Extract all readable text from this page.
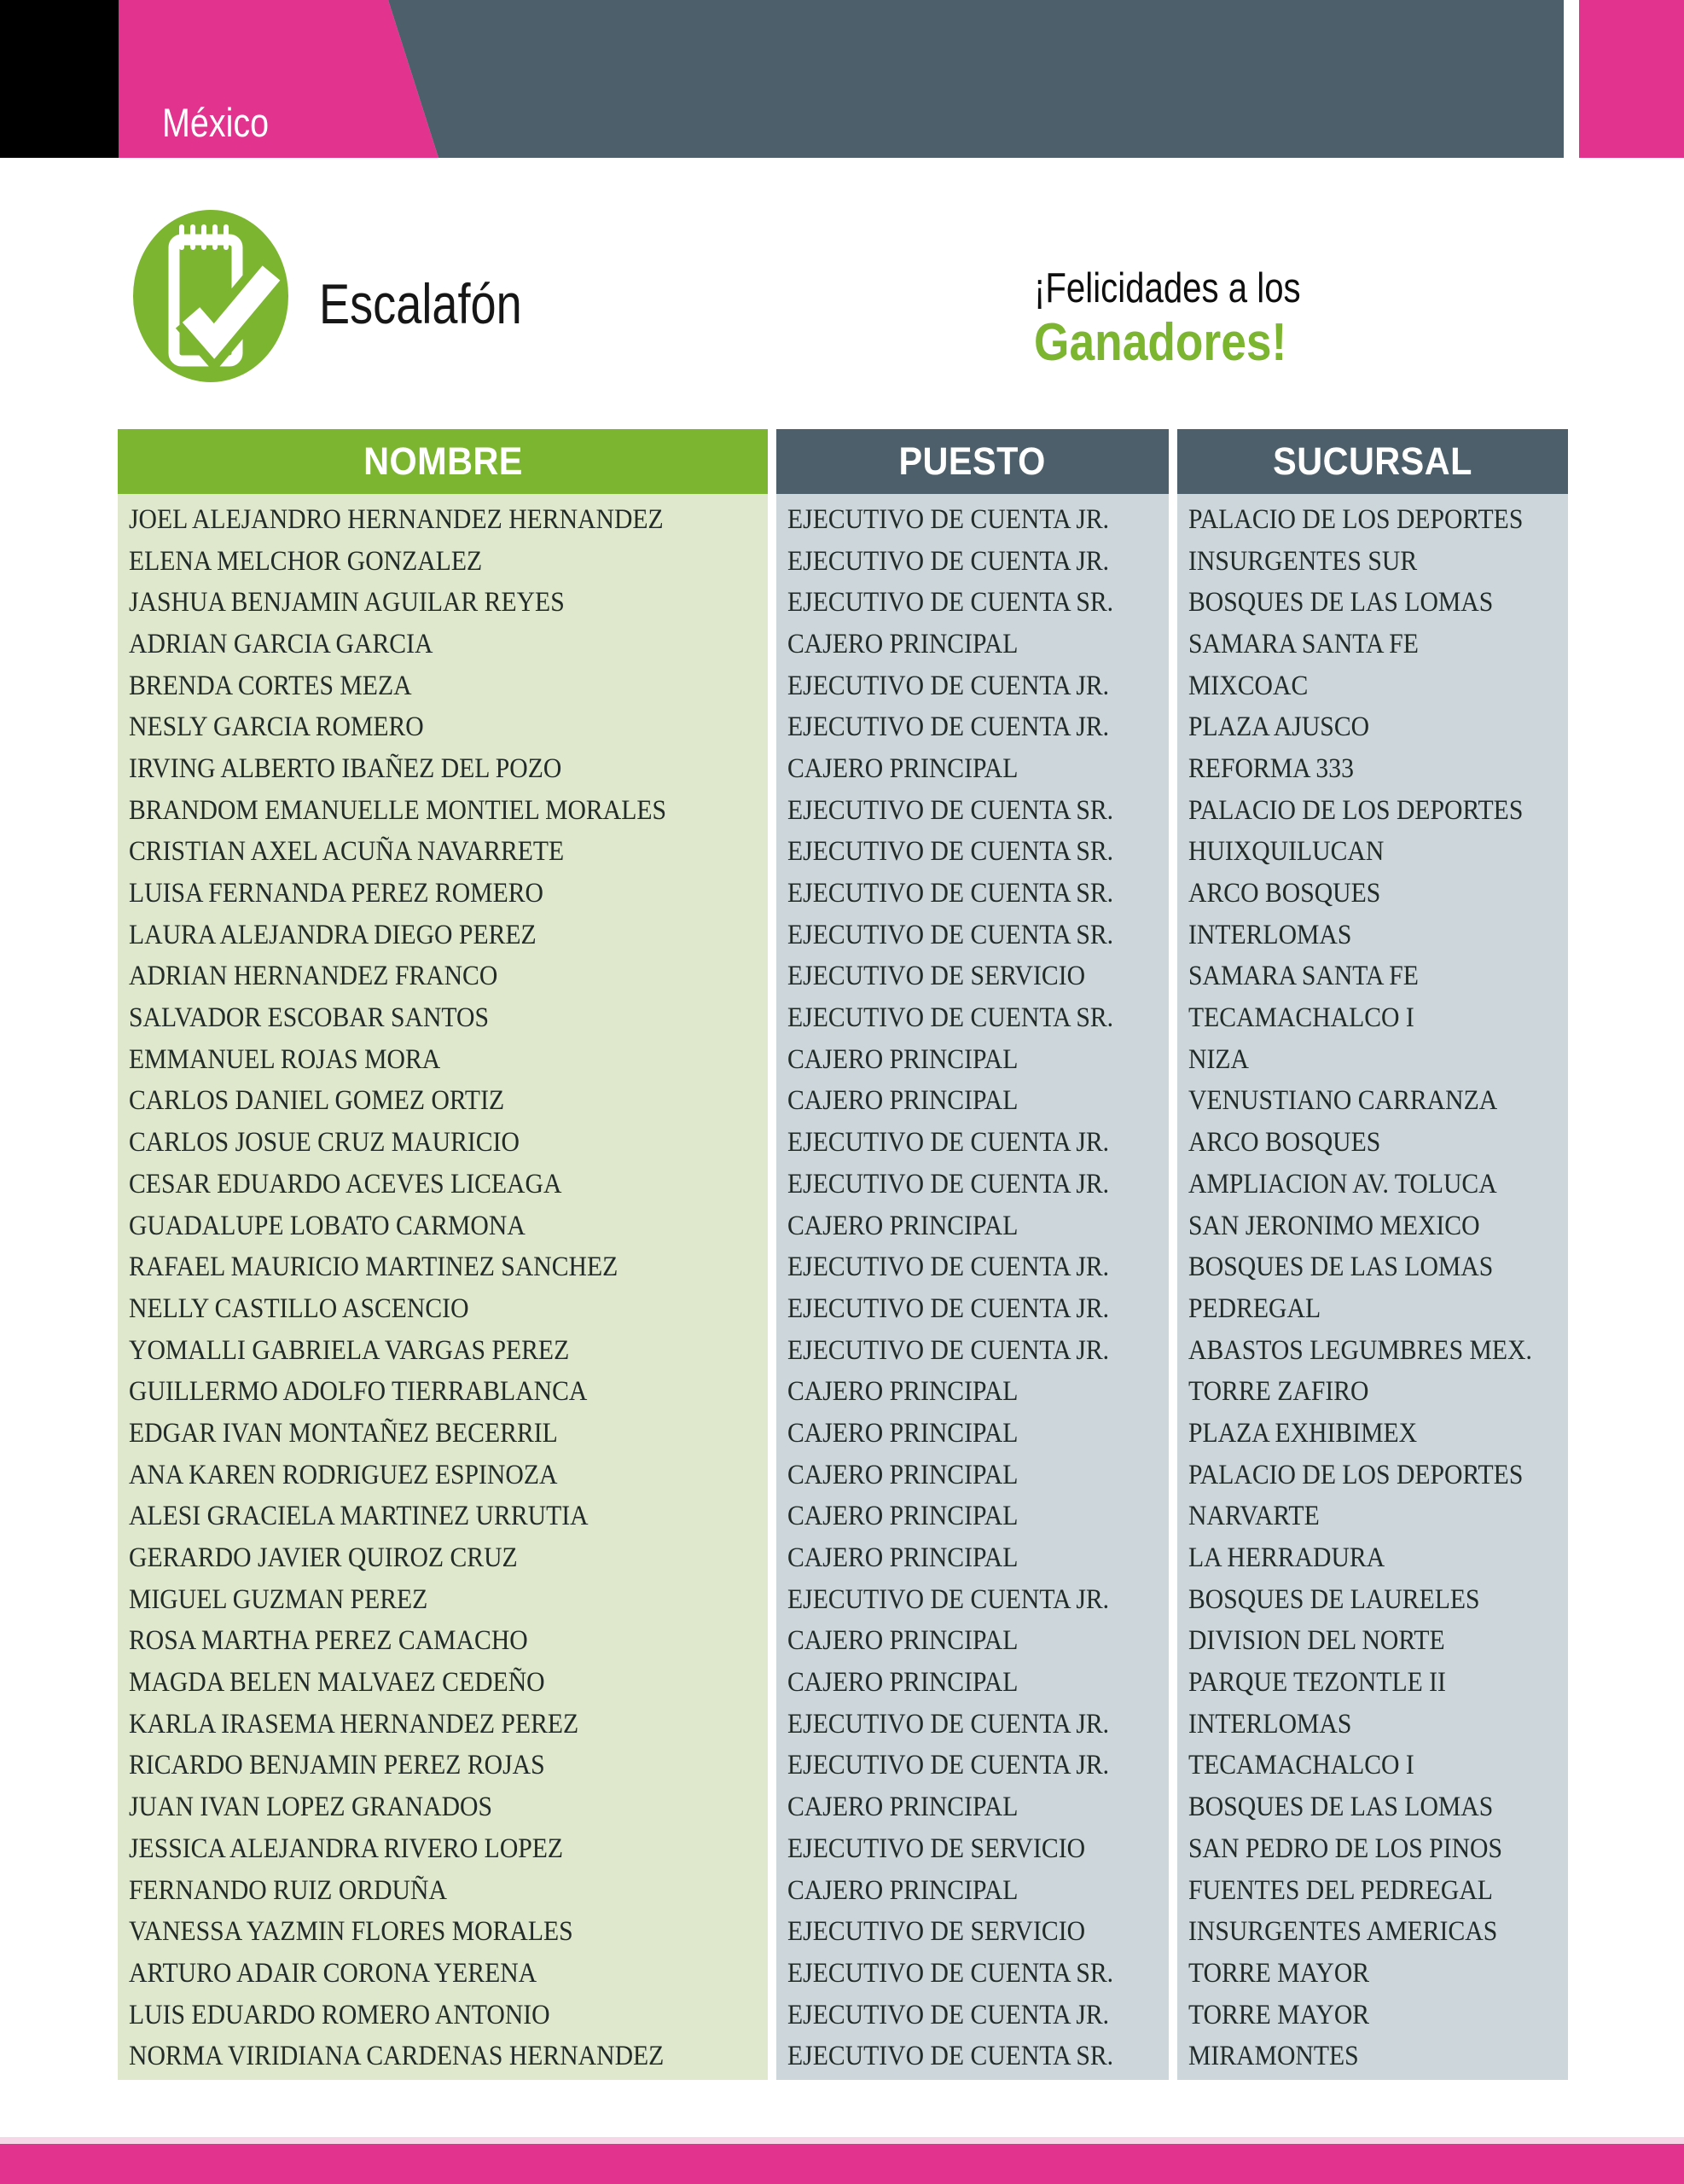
México
Escalafón	¡Felicidades a los
Ganadores!
NOMBRE
JOEL ALEJANDRO HERNANDEZ HERNANDEZ
ELENA MELCHOR GONZALEZ
JASHUA BENJAMIN AGUILAR REYES
ADRIAN GARCIA GARCIA
BRENDA CORTES MEZA
NESLY GARCIA ROMERO
IRVING ALBERTO IBAÑEZ DEL POZO
BRANDOM EMANUELLE MONTIEL MORALES
CRISTIAN AXEL ACUÑA NAVARRETE
LUISA FERNANDA PEREZ ROMERO
LAURA ALEJANDRA DIEGO PEREZ
ADRIAN HERNANDEZ FRANCO
SALVADOR ESCOBAR SANTOS
EMMANUEL ROJAS MORA
CARLOS DANIEL GOMEZ ORTIZ
CARLOS JOSUE CRUZ MAURICIO
CESAR EDUARDO ACEVES LICEAGA
GUADALUPE LOBATO CARMONA
RAFAEL MAURICIO MARTINEZ SANCHEZ
NELLY CASTILLO ASCENCIO
YOMALLI GABRIELA VARGAS PEREZ
GUILLERMO ADOLFO TIERRABLANCA
EDGAR IVAN MONTAÑEZ BECERRIL
ANA KAREN RODRIGUEZ ESPINOZA
ALESI GRACIELA MARTINEZ URRUTIA
GERARDO JAVIER QUIROZ CRUZ
MIGUEL GUZMAN PEREZ
ROSA MARTHA PEREZ CAMACHO
MAGDA BELEN MALVAEZ CEDEÑO
KARLA IRASEMA HERNANDEZ PEREZ
RICARDO BENJAMIN PEREZ ROJAS
JUAN IVAN LOPEZ GRANADOS
JESSICA ALEJANDRA RIVERO LOPEZ
FERNANDO RUIZ ORDUÑA
VANESSA YAZMIN FLORES MORALES
ARTURO ADAIR CORONA YERENA
LUIS EDUARDO ROMERO ANTONIO
NORMA VIRIDIANA CARDENAS HERNANDEZ
PUESTO
EJECUTIVO DE CUENTA JR.
EJECUTIVO DE CUENTA JR.
EJECUTIVO DE CUENTA SR.
CAJERO PRINCIPAL
EJECUTIVO DE CUENTA JR.
EJECUTIVO DE CUENTA JR.
CAJERO PRINCIPAL
EJECUTIVO DE CUENTA SR.
EJECUTIVO DE CUENTA SR.
EJECUTIVO DE CUENTA SR.
EJECUTIVO DE CUENTA SR.
EJECUTIVO DE SERVICIO
EJECUTIVO DE CUENTA SR.
CAJERO PRINCIPAL
CAJERO PRINCIPAL
EJECUTIVO DE CUENTA JR.
EJECUTIVO DE CUENTA JR.
CAJERO PRINCIPAL
EJECUTIVO DE CUENTA JR.
EJECUTIVO DE CUENTA JR.
EJECUTIVO DE CUENTA JR.
CAJERO PRINCIPAL
CAJERO PRINCIPAL
CAJERO PRINCIPAL
CAJERO PRINCIPAL
CAJERO PRINCIPAL
EJECUTIVO DE CUENTA JR.
CAJERO PRINCIPAL
CAJERO PRINCIPAL
EJECUTIVO DE CUENTA JR.
EJECUTIVO DE CUENTA JR.
CAJERO PRINCIPAL
EJECUTIVO DE SERVICIO
CAJERO PRINCIPAL
EJECUTIVO DE SERVICIO
EJECUTIVO DE CUENTA SR.
EJECUTIVO DE CUENTA JR.
EJECUTIVO DE CUENTA SR.
SUCURSAL
PALACIO DE LOS DEPORTES
INSURGENTES SUR
BOSQUES DE LAS LOMAS
SAMARA SANTA FE
MIXCOAC
PLAZA AJUSCO
REFORMA 333
PALACIO DE LOS DEPORTES
HUIXQUILUCAN
ARCO BOSQUES
INTERLOMAS
SAMARA SANTA FE
TECAMACHALCO I
NIZA
VENUSTIANO CARRANZA
ARCO BOSQUES
AMPLIACION AV. TOLUCA
SAN JERONIMO MEXICO
BOSQUES DE LAS LOMAS
PEDREGAL
ABASTOS LEGUMBRES MEX.
TORRE ZAFIRO
PLAZA EXHIBIMEX
PALACIO DE LOS DEPORTES
NARVARTE
LA HERRADURA
BOSQUES DE LAURELES
DIVISION DEL NORTE
PARQUE TEZONTLE II
INTERLOMAS
TECAMACHALCO I
BOSQUES DE LAS LOMAS
SAN PEDRO DE LOS PINOS
FUENTES DEL PEDREGAL
INSURGENTES AMERICAS
TORRE MAYOR
TORRE MAYOR
MIRAMONTES
